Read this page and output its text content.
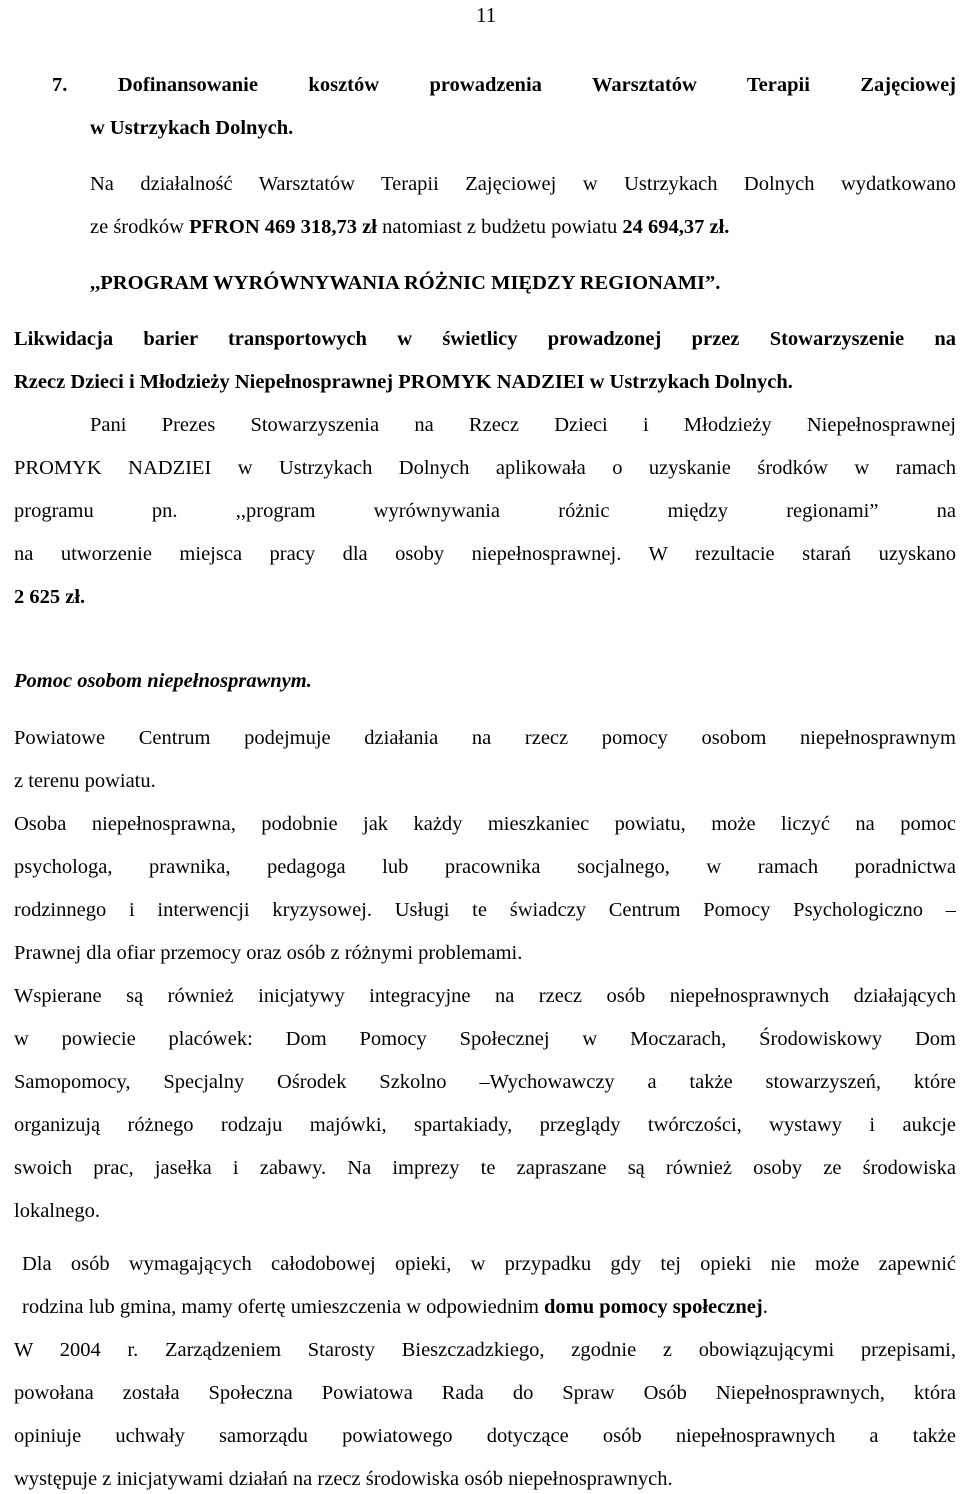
11
7. Dofinansowanie kosztów prowadzenia Warsztatów Terapii Zajęciowej
w Ustrzykach Dolnych.
Na działalność Warsztatów Terapii Zajęciowej w Ustrzykach Dolnych wydatkowano
ze środków PFRON 469 318,73 zł natomiast z budżetu powiatu 24 694,37 zł.
,,PROGRAM WYRÓWNYWANIA RÓŻNIC MIĘDZY REGIONAMI”.
Likwidacja barier transportowych w świetlicy prowadzonej przez Stowarzyszenie na
Rzecz Dzieci i Młodzieży Niepełnosprawnej PROMYK NADZIEI w Ustrzykach Dolnych.
Pani Prezes Stowarzyszenia na Rzecz Dzieci i Młodzieży Niepełnosprawnej
PROMYK NADZIEI w Ustrzykach Dolnych aplikowała o uzyskanie środków w ramach
programu pn. ,,program wyrównywania różnic między regionami” na
na utworzenie miejsca pracy dla osoby niepełnosprawnej. W rezultacie starań uzyskano
2 625 zł.
Pomoc osobom niepełnosprawnym.
Powiatowe Centrum podejmuje działania na rzecz pomocy osobom niepełnosprawnym
z terenu powiatu.
Osoba niepełnosprawna, podobnie jak każdy mieszkaniec powiatu, może liczyć na pomoc
psychologa, prawnika, pedagoga lub pracownika socjalnego, w ramach poradnictwa
rodzinnego i interwencji kryzysowej. Usługi te świadczy Centrum Pomocy Psychologiczno –
Prawnej dla ofiar przemocy oraz osób z różnymi problemami.
Wspierane są również inicjatywy integracyjne na rzecz osób niepełnosprawnych działających
w powiecie placówek: Dom Pomocy Społecznej w Moczarach, Środowiskowy Dom
Samopomocy, Specjalny Ośrodek Szkolno –Wychowawczy a także stowarzyszeń, które
organizują różnego rodzaju majówki, spartakiady, przeglądy twórczości, wystawy i aukcje
swoich prac, jasełka i zabawy. Na imprezy te zapraszane są również osoby ze środowiska
lokalnego.
Dla osób wymagających całodobowej opieki, w przypadku gdy tej opieki nie może zapewnić
rodzina lub gmina, mamy ofertę umieszczenia w odpowiednim domu pomocy społecznej.
W 2004 r. Zarządzeniem Starosty Bieszczadzkiego, zgodnie z obowiązującymi przepisami,
powołana została Społeczna Powiatowa Rada do Spraw Osób Niepełnosprawnych, która
opiniuje uchwały samorządu powiatowego dotyczące osób niepełnosprawnych a także
występuje z inicjatywami działań na rzecz środowiska osób niepełnosprawnych.
